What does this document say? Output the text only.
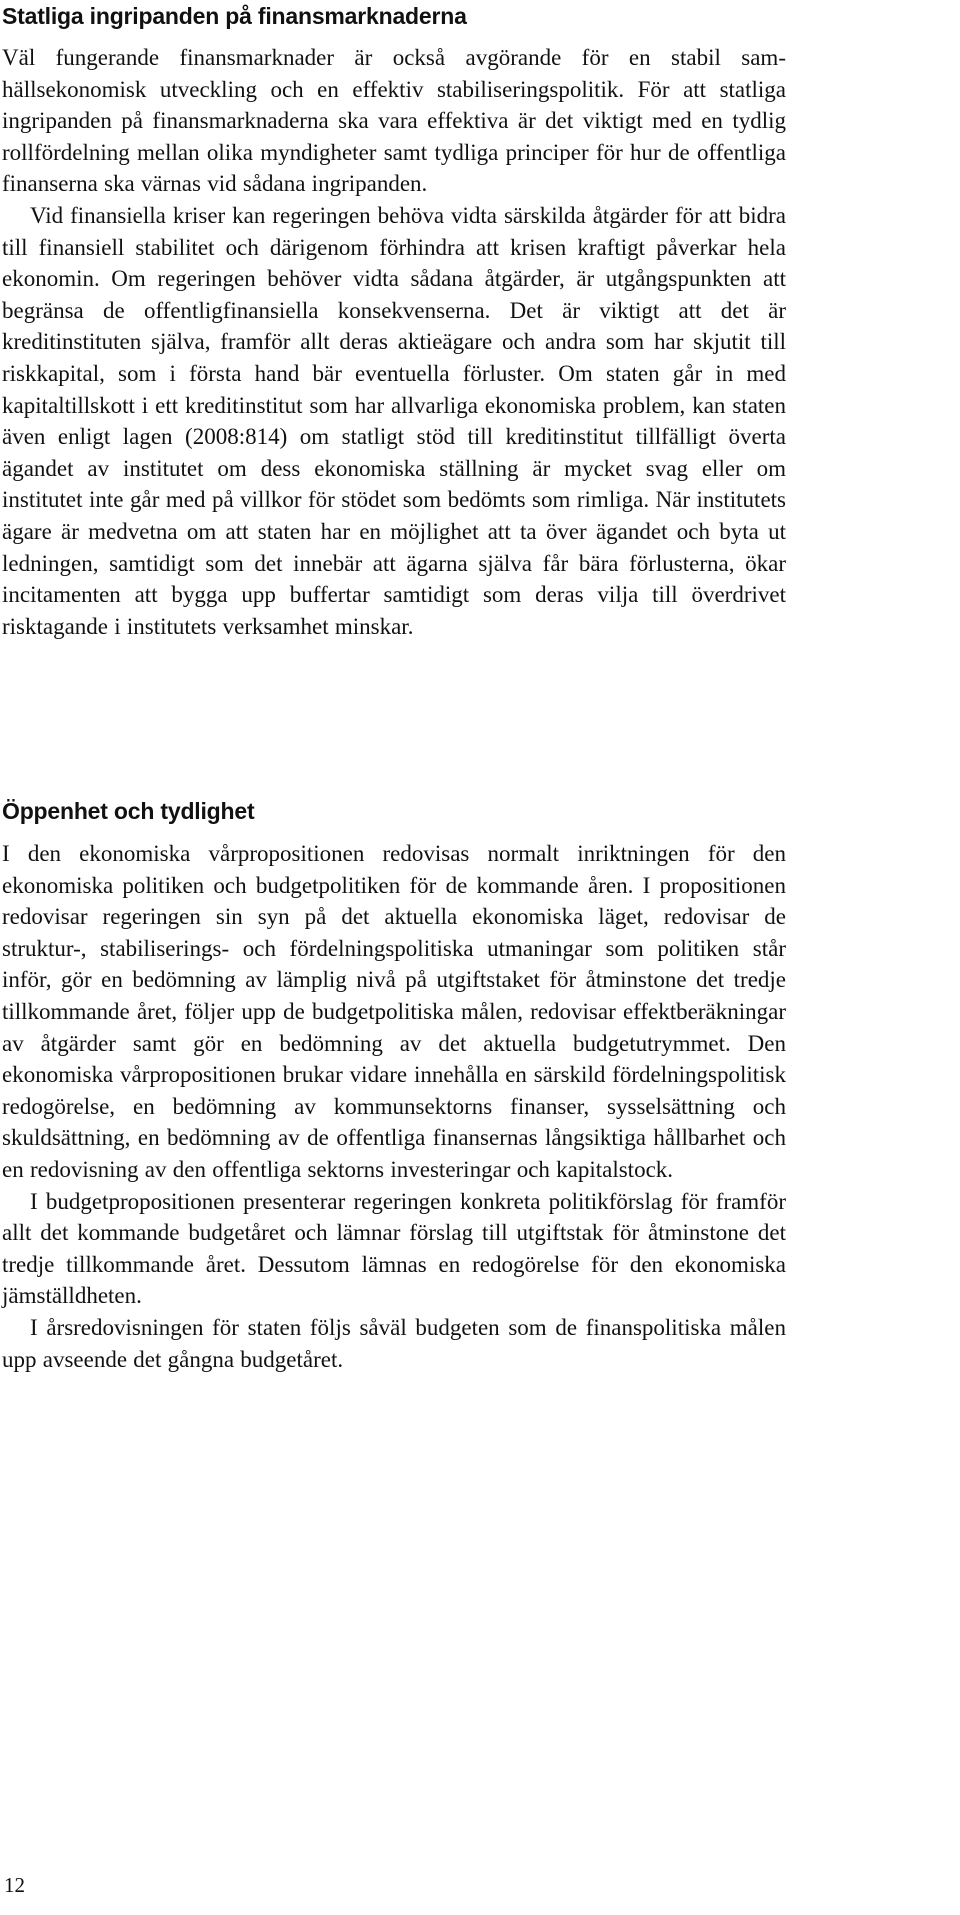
Statliga ingripanden på finansmarknaderna

Väl fungerande finansmarknader är också avgörande för en stabil samhällsekonomisk utveckling och en effektiv stabiliseringspolitik. För att statliga ingripanden på finansmarknaderna ska vara effektiva är det viktigt med en tydlig rollfördelning mellan olika myndigheter samt tydliga principer för hur de offentliga finanserna ska värnas vid sådana ingripanden.

Vid finansiella kriser kan regeringen behöva vidta särskilda åtgärder för att bidra till finansiell stabilitet och därigenom förhindra att krisen kraftigt påverkar hela ekonomin. Om regeringen behöver vidta sådana åtgärder, är utgångspunkten att begränsa de offentligfinansiella konsekvenserna. Det är viktigt att det är kreditinstituten själva, framför allt deras aktieägare och andra som har skjutit till riskkapital, som i första hand bär eventuella förluster. Om staten går in med kapitaltillskott i ett kreditinstitut som har allvarliga ekonomiska problem, kan staten även enligt lagen (2008:814) om statligt stöd till kreditinstitut tillfälligt överta ägandet av institutet om dess ekonomiska ställning är mycket svag eller om institutet inte går med på villkor för stödet som bedömts som rimliga. När institutets ägare är medvetna om att staten har en möjlighet att ta över ägandet och byta ut ledningen, samtidigt som det innebär att ägarna själva får bära förlusterna, ökar incitamenten att bygga upp buffertar samtidigt som deras vilja till överdrivet risktagande i institutets verksamhet minskar.

Öppenhet och tydlighet

I den ekonomiska vårpropositionen redovisas normalt inriktningen för den ekonomiska politiken och budgetpolitiken för de kommande åren. I propositionen redovisar regeringen sin syn på det aktuella ekonomiska läget, redovisar de struktur-, stabiliserings- och fördelningspolitiska utmaningar som politiken står inför, gör en bedömning av lämplig nivå på utgiftstaket för åtminstone det tredje tillkommande året, följer upp de budgetpolitiska målen, redovisar effektberäkningar av åtgärder samt gör en bedömning av det aktuella budgetutrymmet. Den ekonomiska vårpropositionen brukar vidare innehålla en särskild fördelningspolitisk redogörelse, en bedömning av kommunsektorns finanser, sysselsättning och skuldsättning, en bedömning av de offentliga finansernas långsiktiga hållbarhet och en redovisning av den offentliga sektorns investeringar och kapitalstock.

I budgetpropositionen presenterar regeringen konkreta politikförslag för framför allt det kommande budgetåret och lämnar förslag till utgiftstak för åtminstone det tredje tillkommande året. Dessutom lämnas en redogörelse för den ekonomiska jämställdheten.

I årsredovisningen för staten följs såväl budgeten som de finanspolitiska målen upp avseende det gångna budgetåret.

12
